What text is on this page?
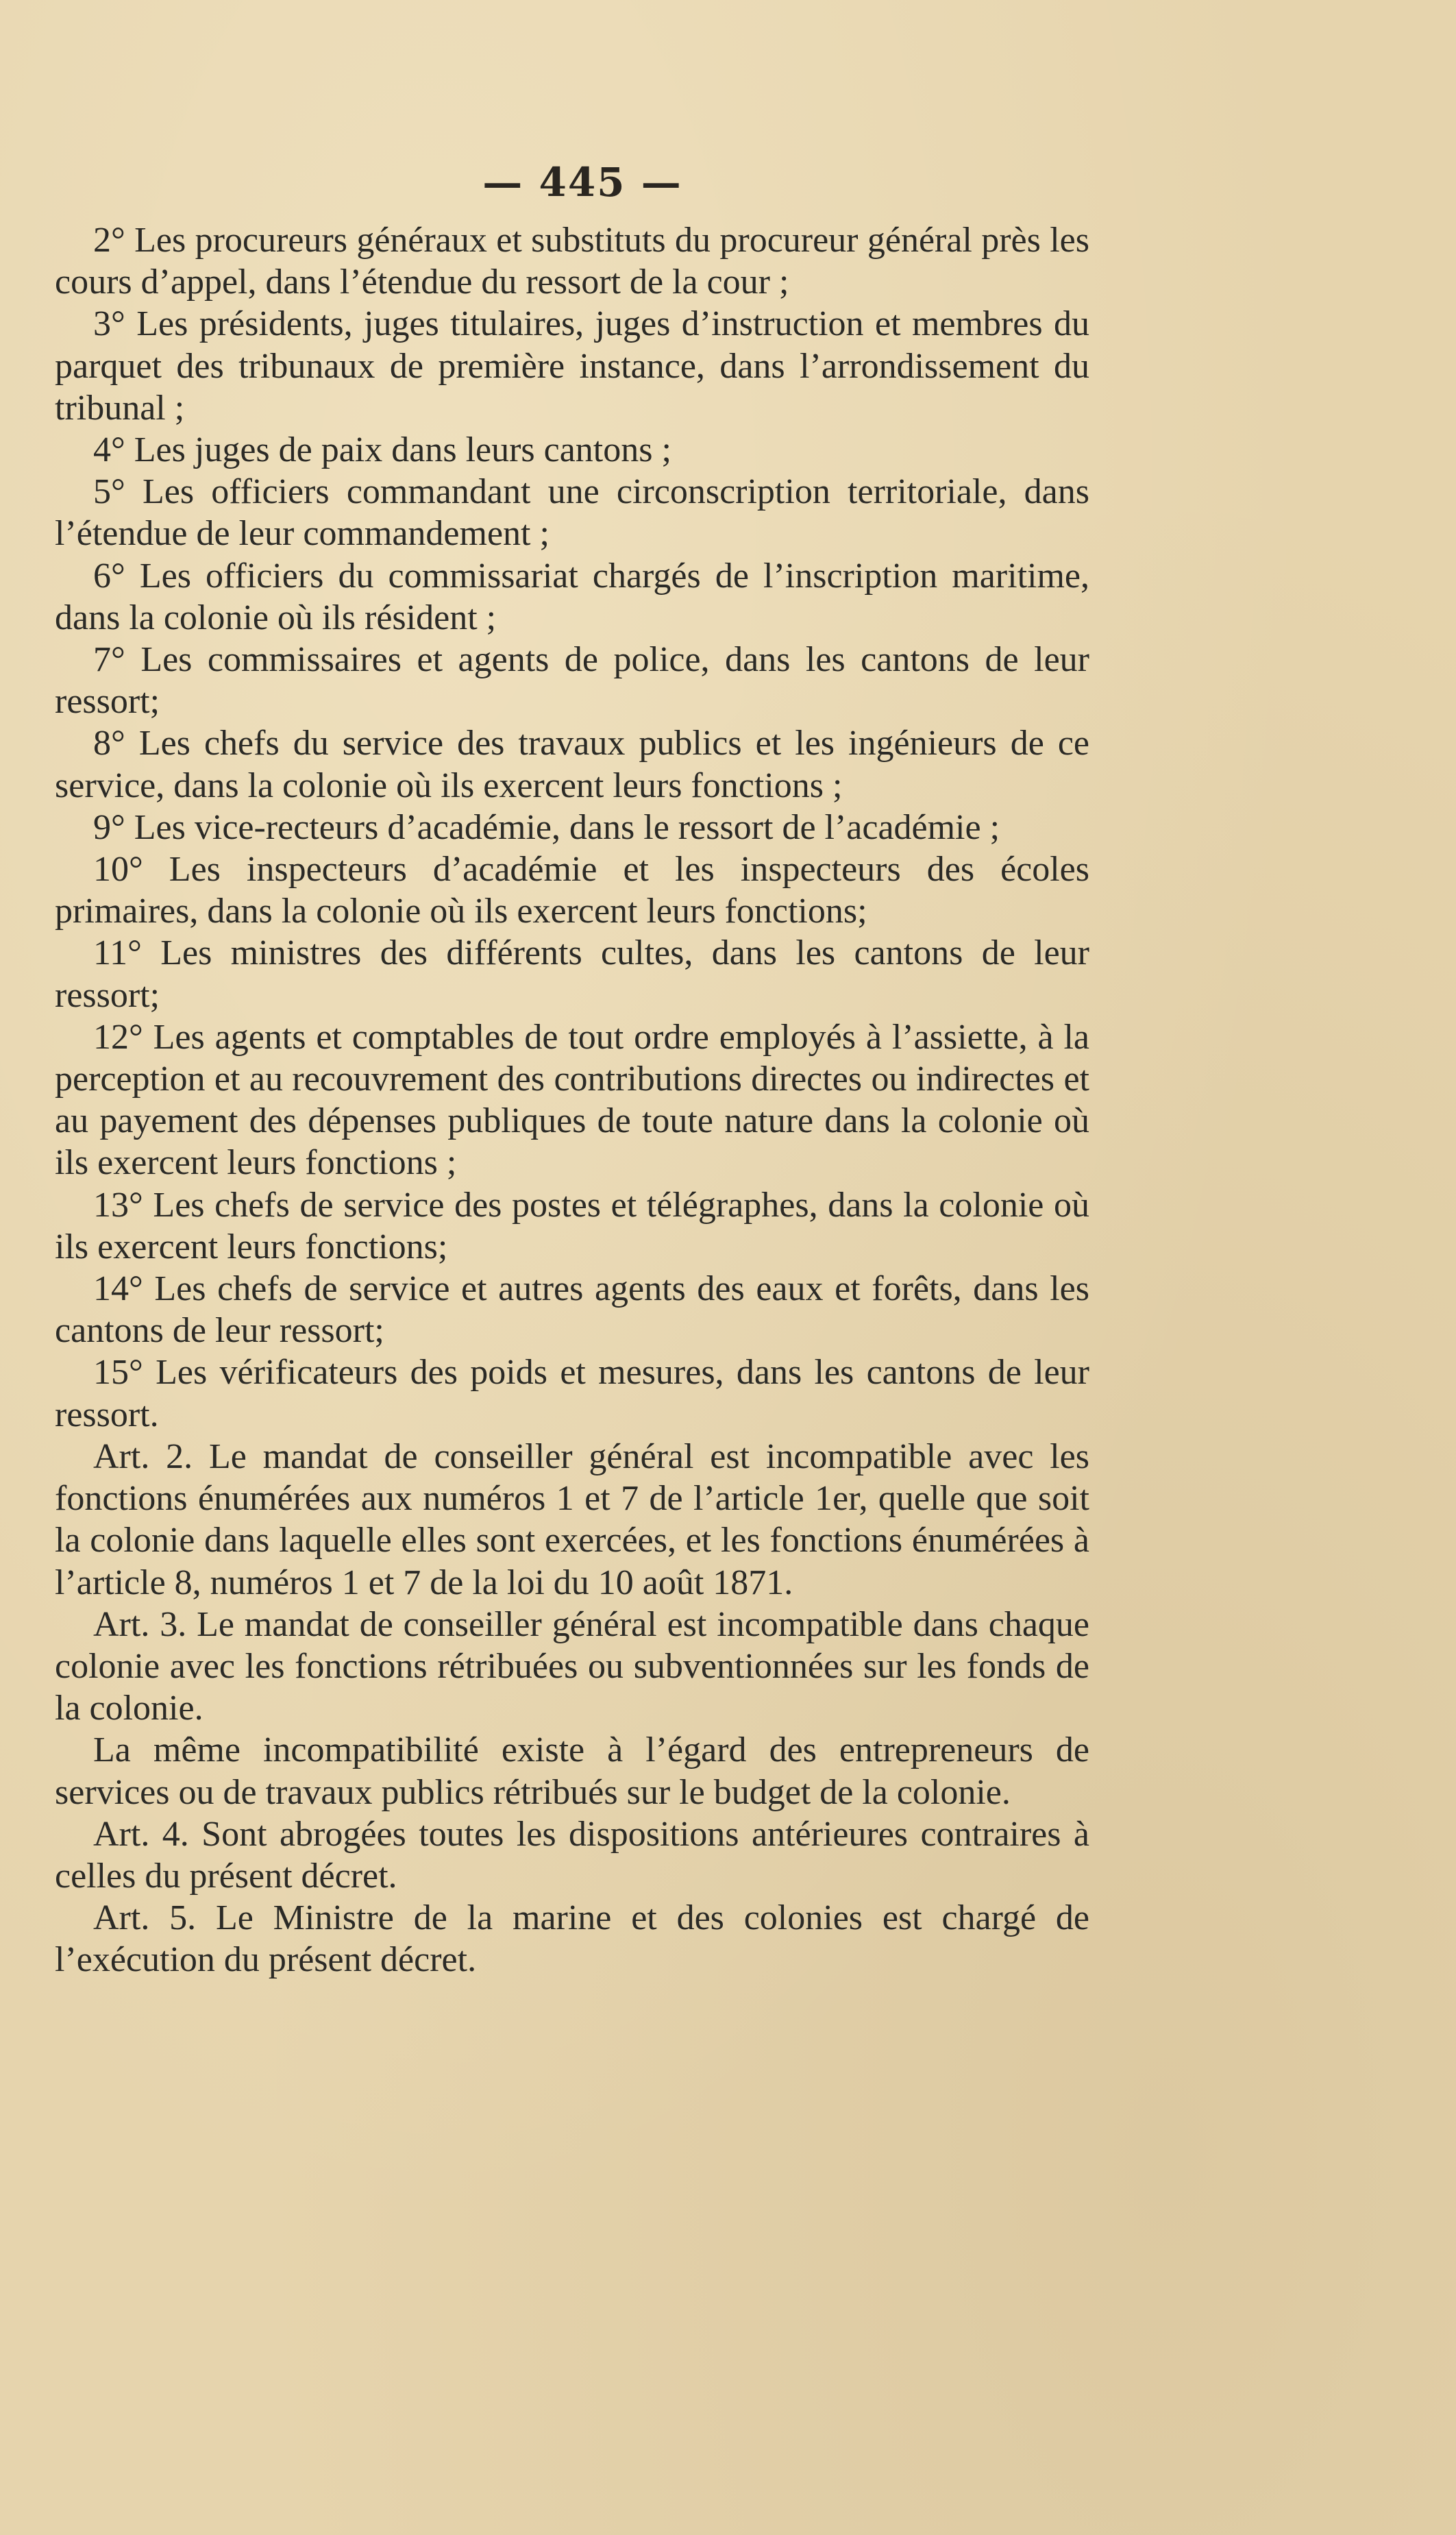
— 445 —

2° Les procureurs généraux et substituts du procureur général près les cours d’appel, dans l’étendue du ressort de la cour ;

3° Les présidents, juges titulaires, juges d’instruction et membres du parquet des tribunaux de première instance, dans l’arrondissement du tribunal ;

4° Les juges de paix dans leurs cantons ;

5° Les officiers commandant une circonscription territoriale, dans l’étendue de leur commandement ;

6° Les officiers du commissariat chargés de l’inscription maritime, dans la colonie où ils résident ;

7° Les commissaires et agents de police, dans les cantons de leur ressort;

8° Les chefs du service des travaux publics et les ingénieurs de ce service, dans la colonie où ils exercent leurs fonctions ;

9° Les vice-recteurs d’académie, dans le ressort de l’académie ;

10° Les inspecteurs d’académie et les inspecteurs des écoles primaires, dans la colonie où ils exercent leurs fonctions;

11° Les ministres des différents cultes, dans les cantons de leur ressort;

12° Les agents et comptables de tout ordre employés à l’assiette, à la perception et au recouvrement des contributions directes ou indirectes et au payement des dépenses publiques de toute nature dans la colonie où ils exercent leurs fonctions ;

13° Les chefs de service des postes et télégraphes, dans la colonie où ils exercent leurs fonctions;

14° Les chefs de service et autres agents des eaux et forêts, dans les cantons de leur ressort;

15° Les vérificateurs des poids et mesures, dans les cantons de leur ressort.

Art. 2. Le mandat de conseiller général est incompatible avec les fonctions énumérées aux numéros 1 et 7 de l’article 1er, quelle que soit la colonie dans laquelle elles sont exercées, et les fonctions énumérées à l’article 8, numéros 1 et 7 de la loi du 10 août 1871.

Art. 3. Le mandat de conseiller général est incompatible dans chaque colonie avec les fonctions rétribuées ou subventionnées sur les fonds de la colonie.

La même incompatibilité existe à l’égard des entrepreneurs de services ou de travaux publics rétribués sur le budget de la colonie.

Art. 4. Sont abrogées toutes les dispositions antérieures contraires à celles du présent décret.

Art. 5. Le Ministre de la marine et des colonies est chargé de l’exécution du présent décret.
